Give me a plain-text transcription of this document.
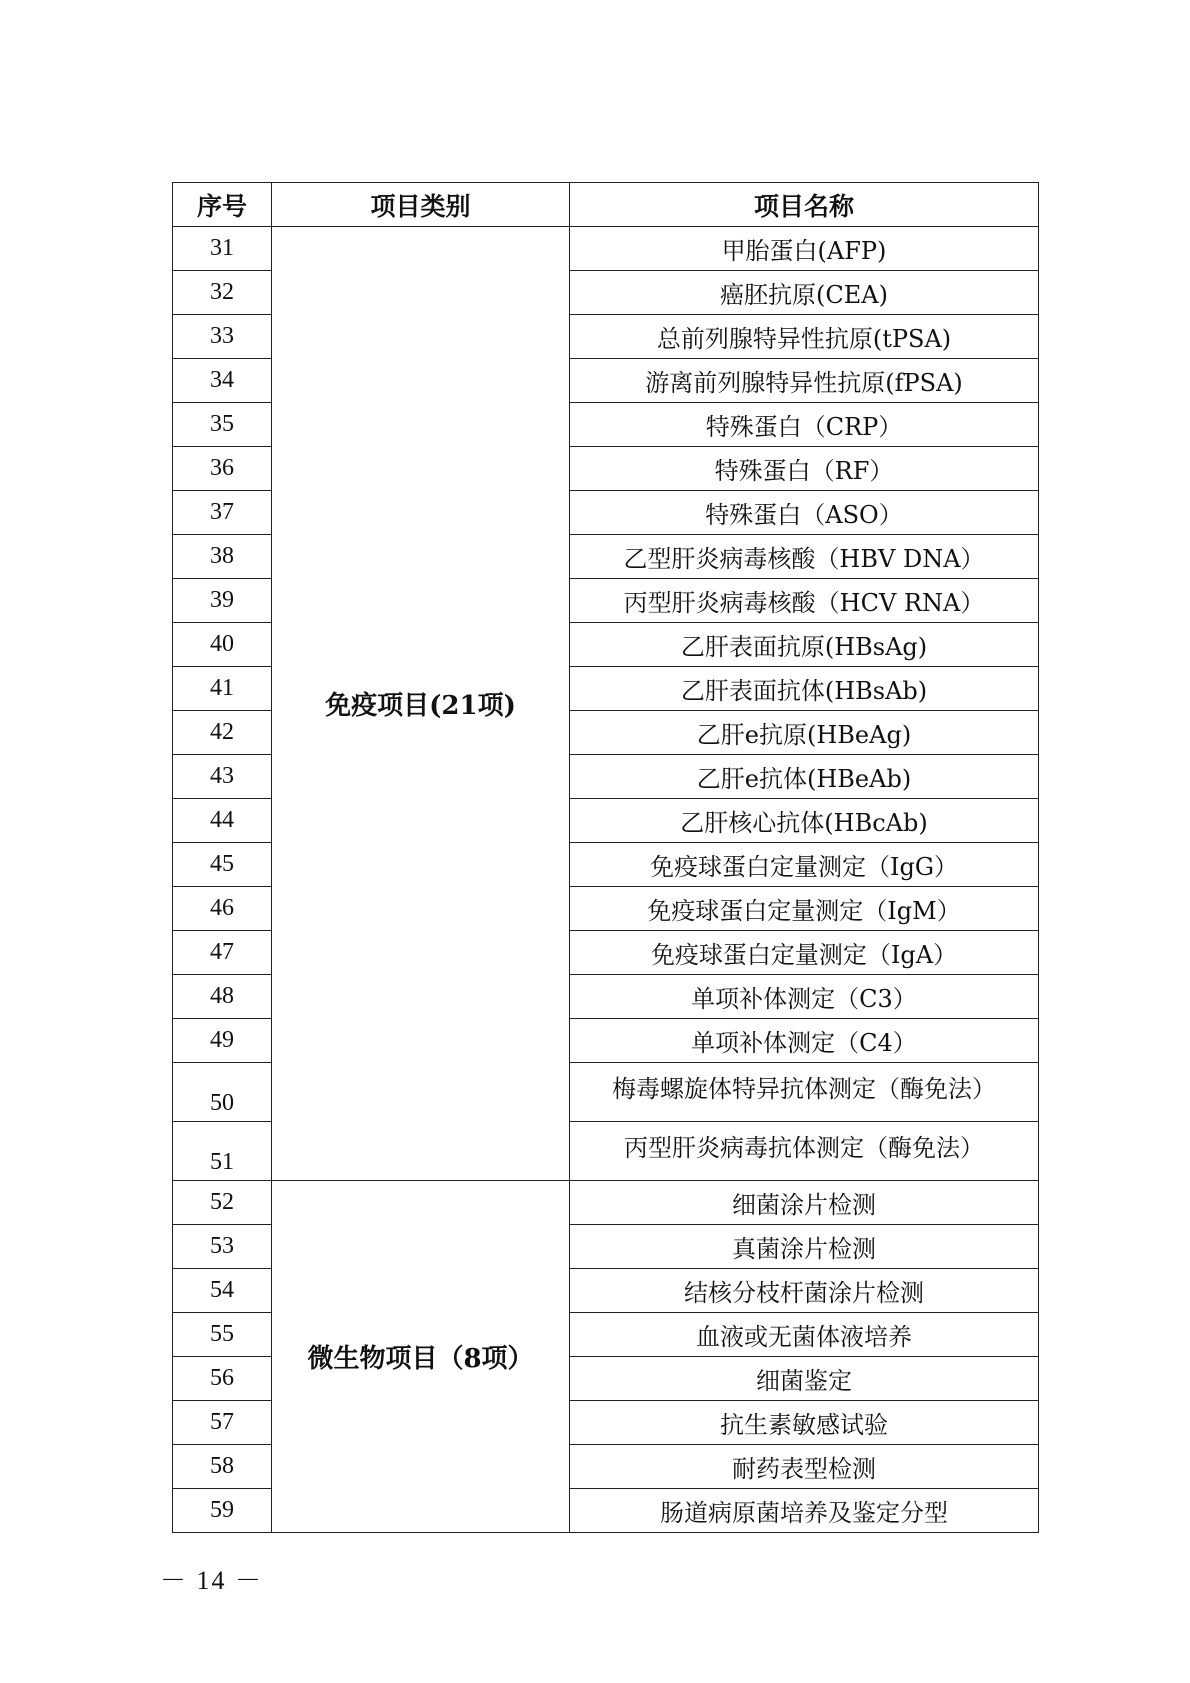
序号	项目类别	项目名称
31	免疫项目(21项)	甲胎蛋白(AFP)
32		癌胚抗原(CEA)
33		总前列腺特异性抗原(tPSA)
34		游离前列腺特异性抗原(fPSA)
35		特殊蛋白（CRP）
36		特殊蛋白（RF）
37		特殊蛋白（ASO）
38		乙型肝炎病毒核酸（HBV DNA）
39		丙型肝炎病毒核酸（HCV RNA）
40		乙肝表面抗原(HBsAg)
41		乙肝表面抗体(HBsAb)
42		乙肝e抗原(HBeAg)
43		乙肝e抗体(HBeAb)
44		乙肝核心抗体(HBcAb)
45		免疫球蛋白定量测定（IgG）
46		免疫球蛋白定量测定（IgM）
47		免疫球蛋白定量测定（IgA）
48		单项补体测定（C3）
49		单项补体测定（C4）
50		梅毒螺旋体特异抗体测定（酶免法）
51		丙型肝炎病毒抗体测定（酶免法）
52	微生物项目（8项）	细菌涂片检测
53		真菌涂片检测
54		结核分枝杆菌涂片检测
55		血液或无菌体液培养
56		细菌鉴定
57		抗生素敏感试验
58		耐药表型检测
59		肠道病原菌培养及鉴定分型
－ 14 －
